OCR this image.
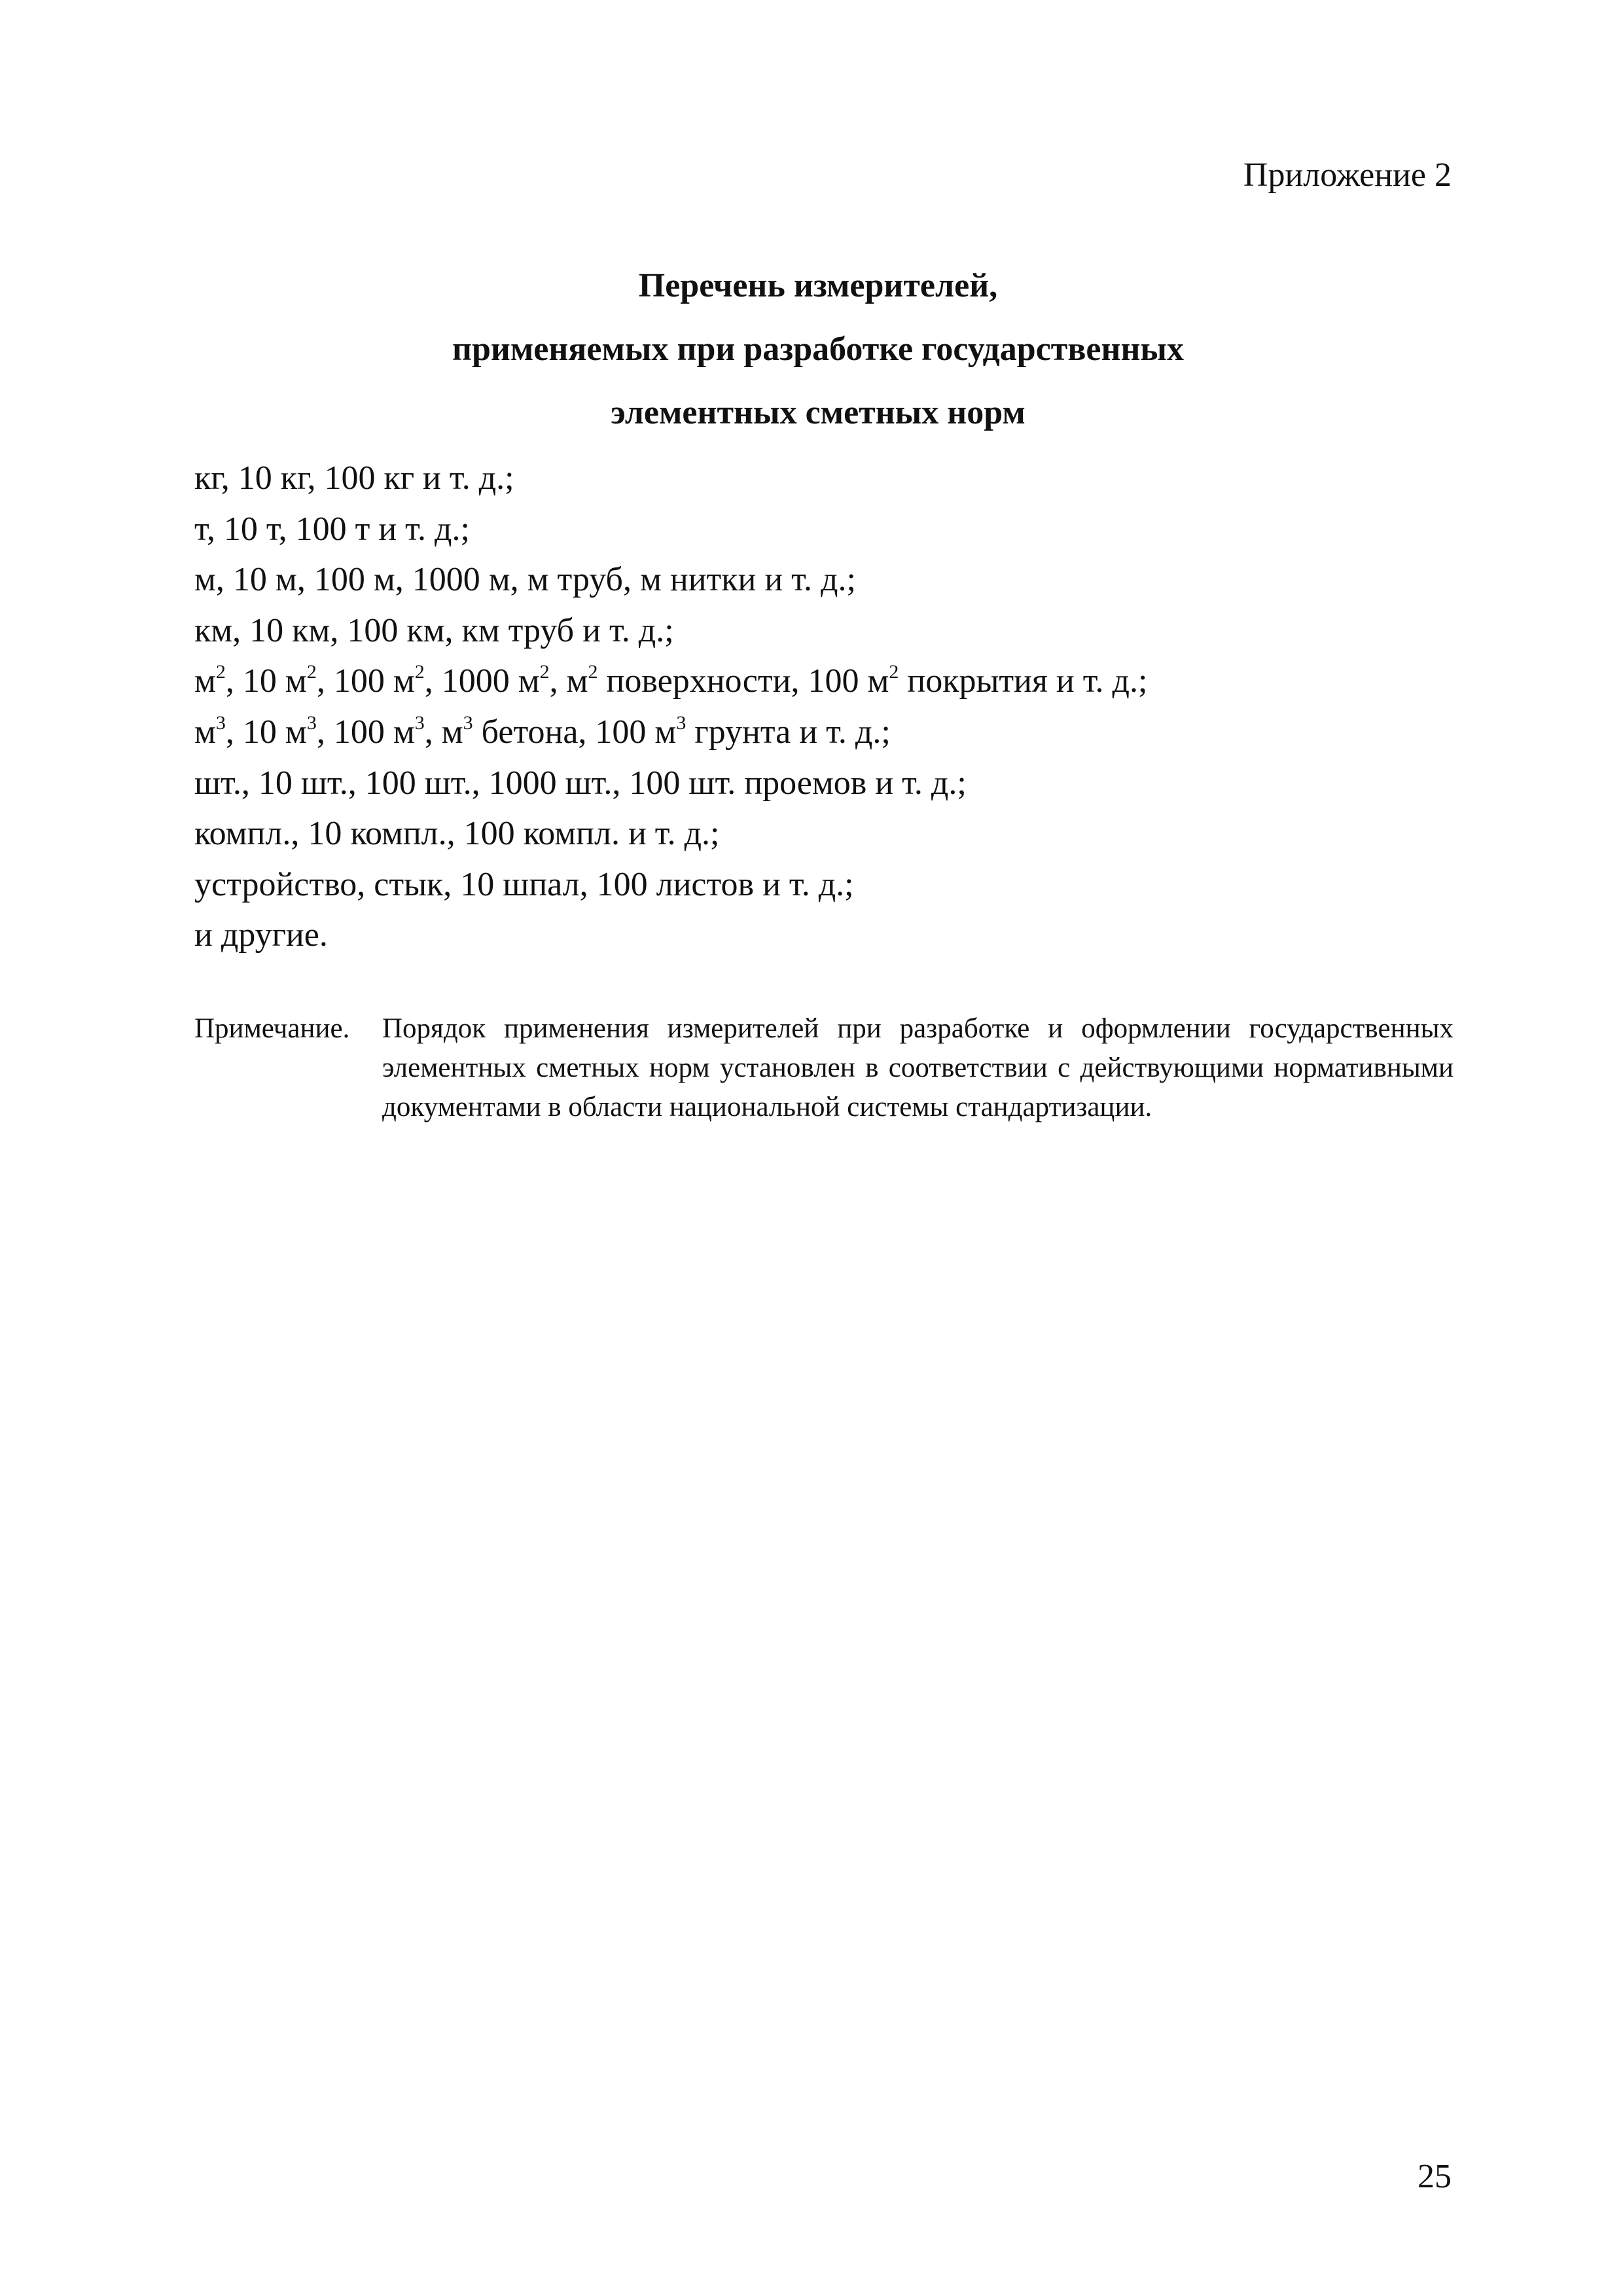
Приложение 2
Перечень измерителей,
применяемых при разработке государственных
элементных сметных норм
кг, 10 кг, 100 кг и т. д.;
т, 10 т, 100 т и т. д.;
м, 10 м, 100 м, 1000 м, м труб, м нитки и т. д.;
км, 10 км, 100 км, км труб и т. д.;
$м^2$, 10 $м^2$, 100 $м^2$, 1000 $м^2$, $м^2$ поверхности, 100 $м^2$ покрытия и т. д.;
$м^3$, 10 $м^3$, 100 $м^3$, $м^3$ бетона, 100 $м^3$ грунта и т. д.;
шт., 10 шт., 100 шт., 1000 шт., 100 шт. проемов и т. д.;
компл., 10 компл., 100 компл. и т. д.;
устройство, стык, 10 шпал, 100 листов и т. д.;
и другие.
Примечание. Порядок применения измерителей при разработке и оформлении государственных элементных сметных норм установлен в соответствии с действующими нормативными документами в области национальной системы стандартизации.
25
